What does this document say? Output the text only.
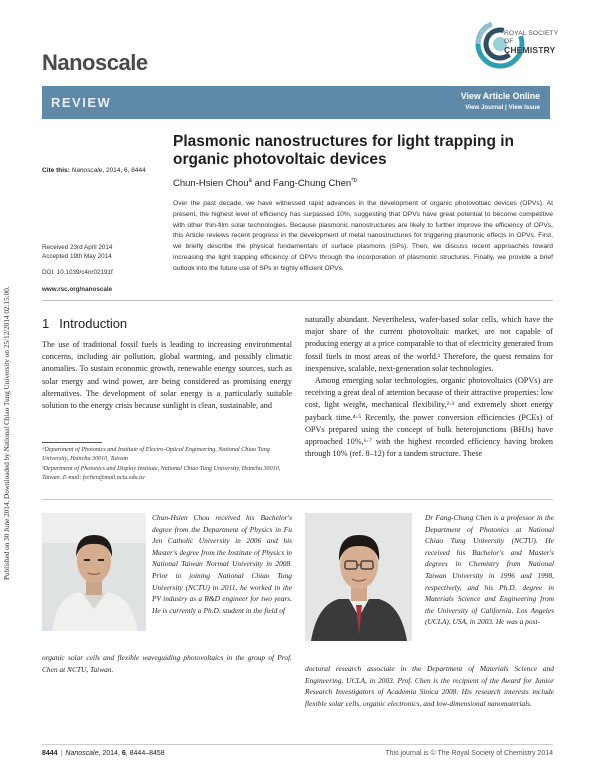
Published on 30 June 2014. Downloaded by National Chiao Tung University on 25/12/2014 02:15:00.
Nanoscale
ROYAL SOCIETY
OF
CHEMISTRY
REVIEW	View Article Online
View Journal | View Issue
Cite this: Nanoscale, 2014, 6, 8444
Plasmonic nanostructures for light trapping in organic photovoltaic devices
Chun-Hsien Chou$^a$ and Fang-Chung Chen$^{*b}$
Over the past decade, we have witnessed rapid advances in the development of organic photovoltaic devices (OPVs). At present, the highest level of efficiency has surpassed 10%, suggesting that OPVs have great potential to become competitive with other thin-film solar technologies. Because plasmonic nanostructures are likely to further improve the efficiency of OPVs, this Article reviews recent progress in the development of metal nanostructures for triggering plasmonic effects in OPVs. First, we briefly describe the physical fundamentals of surface plasmons (SPs). Then, we discuss recent approaches toward increasing the light trapping efficiency of OPVs through the incorporation of plasmonic structures. Finally, we provide a brief outlook into the future use of SPs in highly efficient OPVs.
Received 23rd April 2014
Accepted 19th May 2014
DOI: 10.1039/c4nr02191f
www.rsc.org/nanoscale
1 Introduction

The use of traditional fossil fuels is leading to increasing environmental concerns, including air pollution, global warming, and possibly climatic anomalies. To sustain economic growth, renewable energy sources, such as solar energy and wind power, are being considered as promising energy alternatives. The development of solar energy is a particularly suitable solution to the energy crisis because sunlight is clean, sustainable, and

naturally abundant. Nevertheless, wafer-based solar cells, which have the major share of the current photovoltaic market, are not capable of producing energy at a price comparable to that of electricity generated from fossil fuels in most areas of the world.¹ Therefore, the quest remains for inexpensive, scalable, next-generation solar technologies.

Among emerging solar technologies, organic photovoltaics (OPVs) are receiving a great deal of attention because of their attractive properties: low cost, light weight, mechanical flexibility,²·³ and extremely short energy payback time.⁴·⁵ Recently, the power conversion efficiencies (PCEs) of OPVs prepared using the concept of bulk heterojunctions (BHJs) have approached 10%,⁶·⁷ with the highest recorded efficiency having broken through 10% (ref. 8–12) for a tandem structure. These

ᵃDepartment of Photonics and Institute of Electro-Optical Engineering, National Chiao Tung University, Hsinchu 30010, Taiwan

ᵇDepartment of Photonics and Display Institute, National Chiao Tung University, Hsinchu 30010, Taiwan. E-mail: fcchen@mail.nctu.edu.tw

Chun-Hsien Chou received his Bachelor's degree from the Department of Physics in Fu Jen Catholic University in 2006 and his Master's degree from the Institute of Physics in National Taiwan Normal University in 2008. Prior to joining National Chiao Tung University (NCTU) in 2011, he worked in the PV industry as a R&D engineer for two years. He is currently a Ph.D. student in the field of
organic solar cells and flexible waveguiding photovoltaics in the group of Prof. Chen at NCTU, Taiwan.
Dr Fang-Chung Chen is a professor in the Department of Photonics at National Chiao Tung University (NCTU). He received his Bachelor's and Master's degrees in Chemistry from National Taiwan University in 1996 and 1998, respectively, and his Ph.D. degree in Materials Science and Engineering from the University of California, Los Angeles (UCLA), USA, in 2003. He was a post-
doctoral research associate in the Department of Materials Science and Engineering, UCLA, in 2003. Prof. Chen is the recipient of the Award for Junior Research Investigators of Academia Sinica 2008. His research interests include flexible solar cells, organic electronics, and low-dimensional nanomaterials.
8444 | Nanoscale, 2014, 6, 8444–8458	This journal is © The Royal Society of Chemistry 2014
